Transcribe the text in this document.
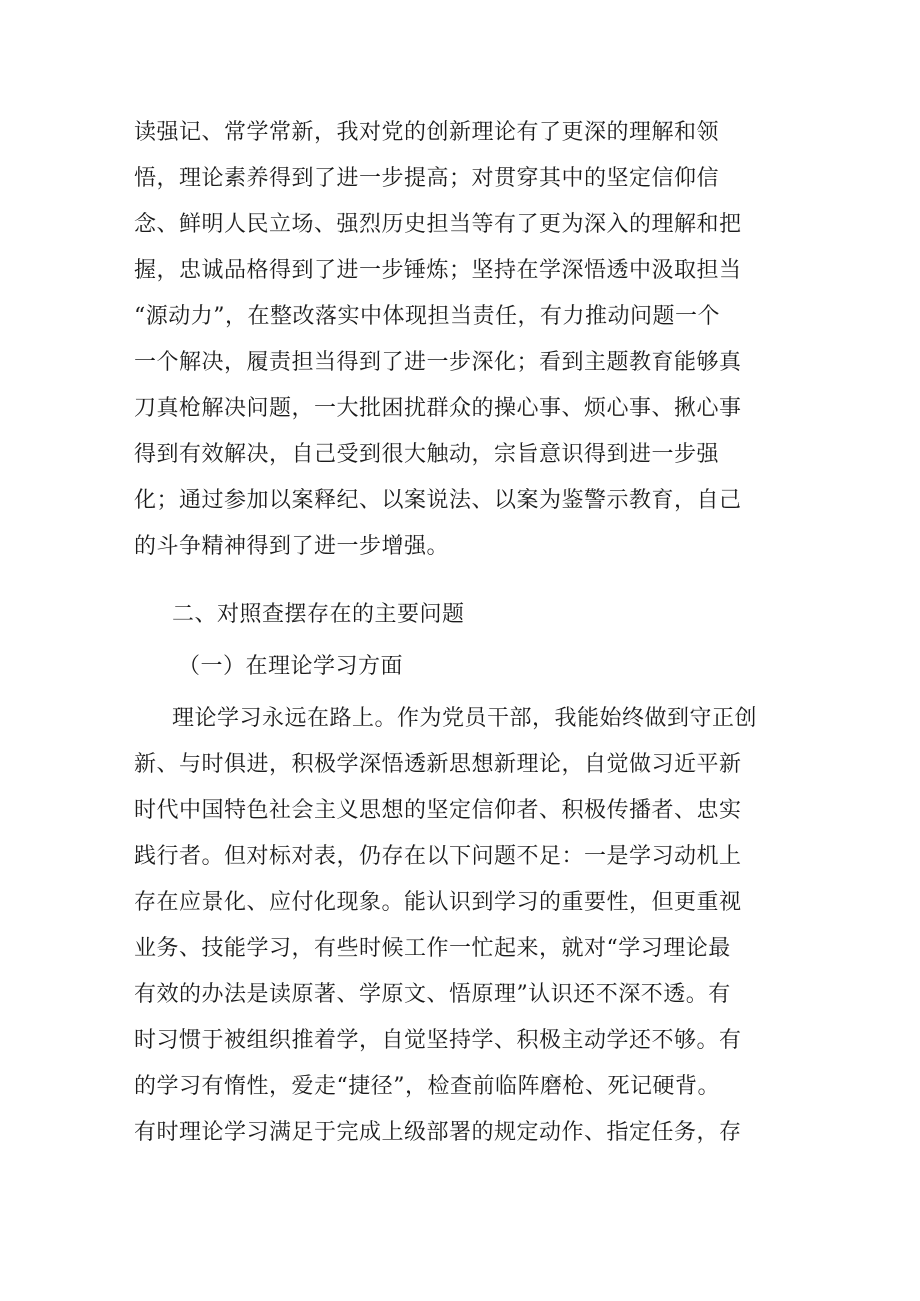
读强记、常学常新，我对党的创新理论有了更深的理解和领
悟，理论素养得到了进一步提高；对贯穿其中的坚定信仰信
念、鲜明人民立场、强烈历史担当等有了更为深入的理解和把
握，忠诚品格得到了进一步锤炼；坚持在学深悟透中汲取担当
“源动力”，在整改落实中体现担当责任，有力推动问题一个
一个解决，履责担当得到了进一步深化；看到主题教育能够真
刀真枪解决问题，一大批困扰群众的操心事、烦心事、揪心事
得到有效解决，自己受到很大触动，宗旨意识得到进一步强
化；通过参加以案释纪、以案说法、以案为鉴警示教育，自己
的斗争精神得到了进一步增强。
二、对照查摆存在的主要问题
（一）在理论学习方面
理论学习永远在路上。作为党员干部，我能始终做到守正创
新、与时俱进，积极学深悟透新思想新理论，自觉做习近平新
时代中国特色社会主义思想的坚定信仰者、积极传播者、忠实
践行者。但对标对表，仍存在以下问题不足：一是学习动机上
存在应景化、应付化现象。能认识到学习的重要性，但更重视
业务、技能学习，有些时候工作一忙起来，就对“学习理论最
有效的办法是读原著、学原文、悟原理”认识还不深不透。有
时习惯于被组织推着学，自觉坚持学、积极主动学还不够。有
的学习有惰性，爱走“捷径”，检查前临阵磨枪、死记硬背。
有时理论学习满足于完成上级部署的规定动作、指定任务，存
